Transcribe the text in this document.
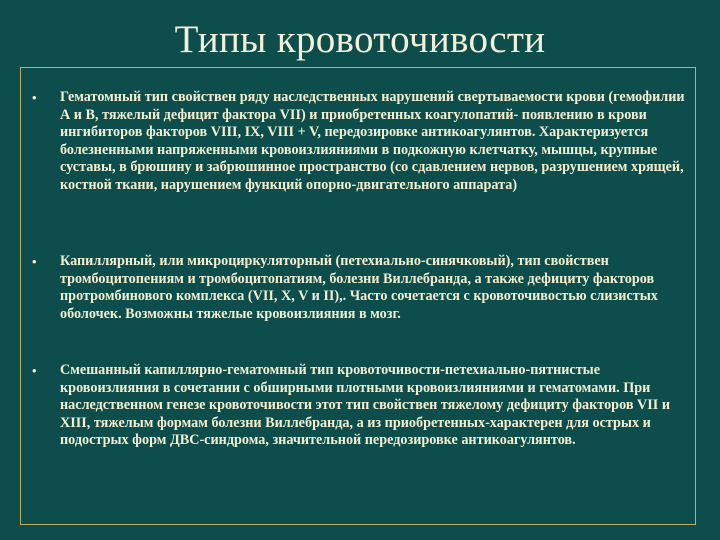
Типы кровоточивости
•	Гематомный тип свойствен ряду наследственных нарушений свертываемости крови (гемофилии А и В, тяжелый дефицит фактора VII) и приобретенных коагулопатий- появлению в крови ингибиторов факторов VIII, IX, VIII + V, передозировке антикоагулянтов. Характеризуется болезненными напряженными кровоизлияниями в подкожную клетчатку, мышцы, крупные суставы, в брюшину и забрюшинное пространство (со сдавлением нервов, разрушением хрящей, костной ткани, нарушением функций опорно-двигательного аппарата)
•	Капиллярный, или микроциркуляторный (петехиально-синячковый), тип свойствен тромбоцитопениям и тромбоцитопатиям, болезни Виллебранда, а также дефициту факторов протромбинового комплекса (VII, X, V и II),. Часто сочетается с кровоточивостью слизистых оболочек. Возможны тяжелые кровоизлияния в мозг.
•	Смешанный капиллярно-гематомный тип кровоточивости-петехиально-пятнистые кровоизлияния в сочетании с обширными плотными кровоизлияниями и гематомами. При наследственном генезе кровоточивости этот тип свойствен тяжелому дефициту факторов VII и XIII, тяжелым формам болезни Виллебранда, а из приобретенных-характерен для острых и подострых форм ДВС-синдрома, значительной передозировке антикоагулянтов.
